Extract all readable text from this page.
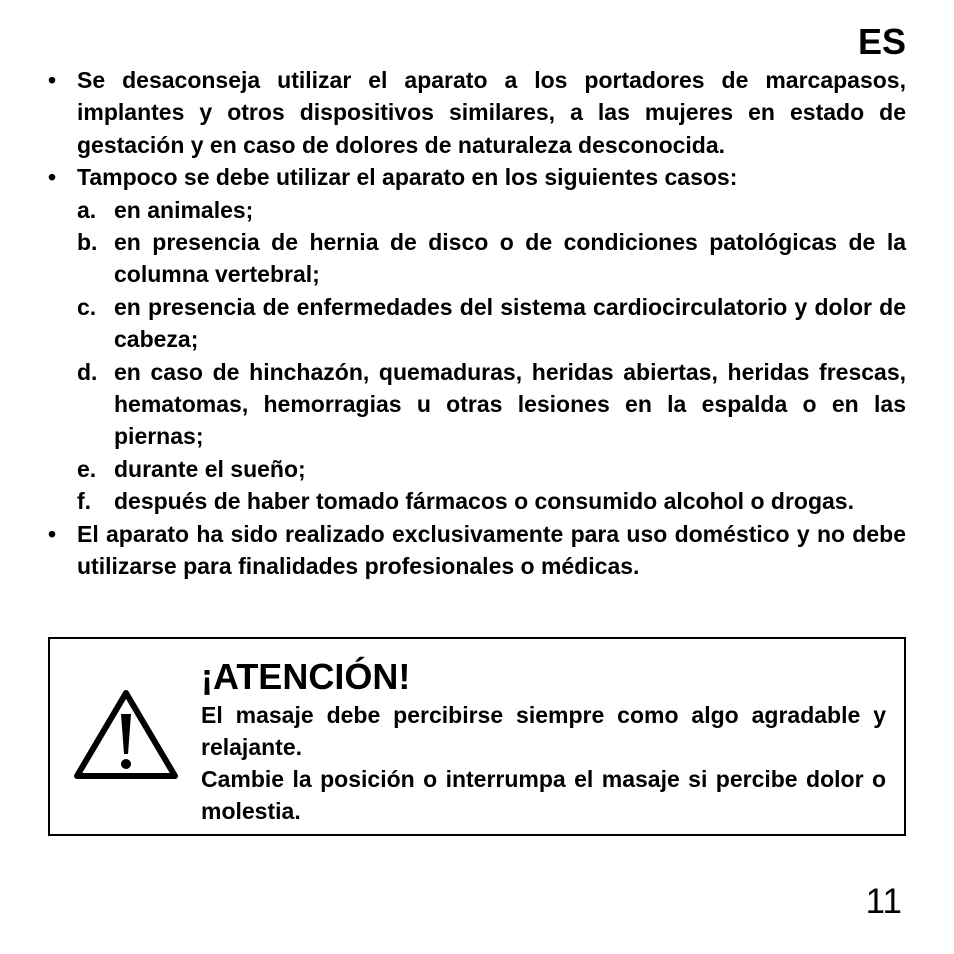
ES
• Se desaconseja utilizar el aparato a los portadores de marcapasos, implantes y otros dispositivos similares, a las mujeres en estado de gestación y en caso de dolores de naturaleza desconocida.
• Tampoco se debe utilizar el aparato en los siguientes casos:
a. en animales;
b. en presencia de hernia de disco o de condiciones patológicas de la columna vertebral;
c. en presencia de enfermedades del sistema cardiocirculatorio y dolor de cabeza;
d. en caso de hinchazón, quemaduras, heridas abiertas, heridas frescas, hematomas, hemorragias u otras lesiones en la espalda o en las piernas;
e. durante el sueño;
f. después de haber tomado fármacos o consumido alcohol o drogas.
• El aparato ha sido realizado exclusivamente para uso doméstico y no debe utilizarse para finalidades profesionales o médicas.
¡ATENCIÓN!
El masaje debe percibirse siempre como algo agradable y relajante.
Cambie la posición o interrumpa el masaje si percibe dolor o molestia.
11
